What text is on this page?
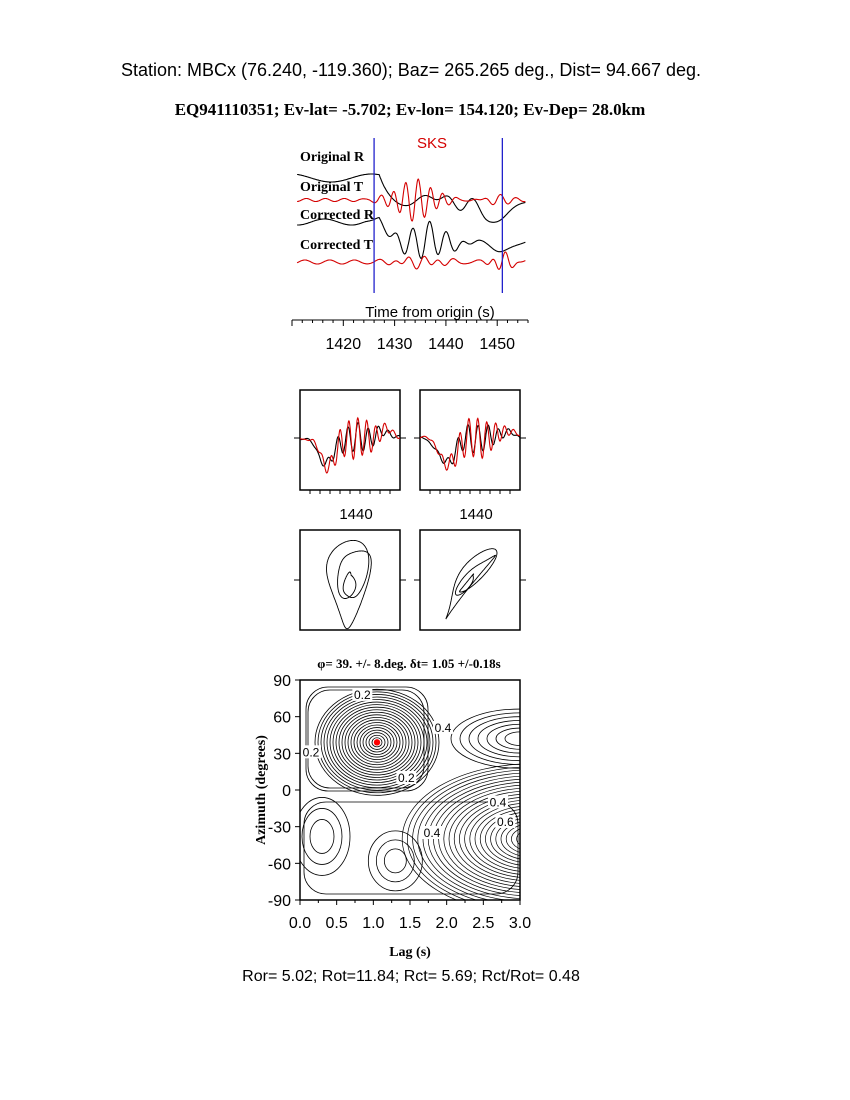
Station: MBCx (76.240, -119.360); Baz= 265.265 deg., Dist= 94.667 deg.
EQ941110351; Ev-lat= -5.702; Ev-lon= 154.120; Ev-Dep= 28.0km
SKS
Original R
Original T
Corrected R
Corrected T
1420 1430 1440 1450
Time from origin (s)
1440	1440
φ= 39. +/- 8.deg. δt= 1.05 +/-0.18s
0.0 0.5 1.0 1.5 2.0 2.5 3.0
90
60
30
0
-30
-60
-90
0.2
0.2
0.2
0.4
0.4
0.6
0.4
Lag (s)
Azimuth (degrees)
Ror= 5.02; Rot=11.84; Rct= 5.69; Rct/Rot= 0.48
